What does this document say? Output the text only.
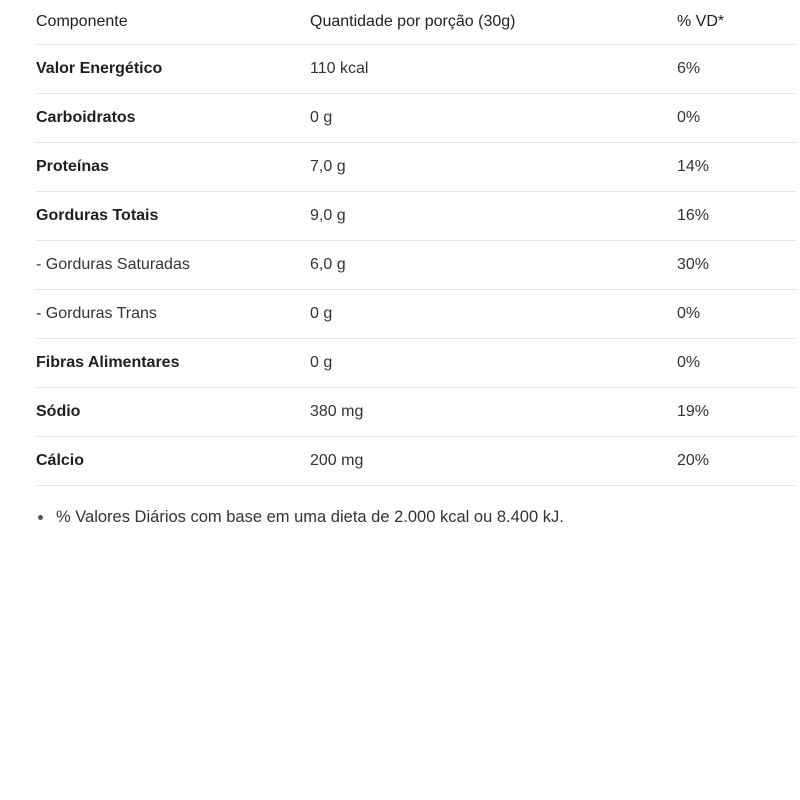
Componente	Quantidade por porção (30g)	% VD*
Valor Energético	110 kcal	6%
Carboidratos	0 g	0%
Proteínas	7,0 g	14%
Gorduras Totais	9,0 g	16%
- Gorduras Saturadas	6,0 g	30%
- Gorduras Trans	0 g	0%
Fibras Alimentares	0 g	0%
Sódio	380 mg	19%
Cálcio	200 mg	20%
% Valores Diários com base em uma dieta de 2.000 kcal ou 8.400 kJ.
